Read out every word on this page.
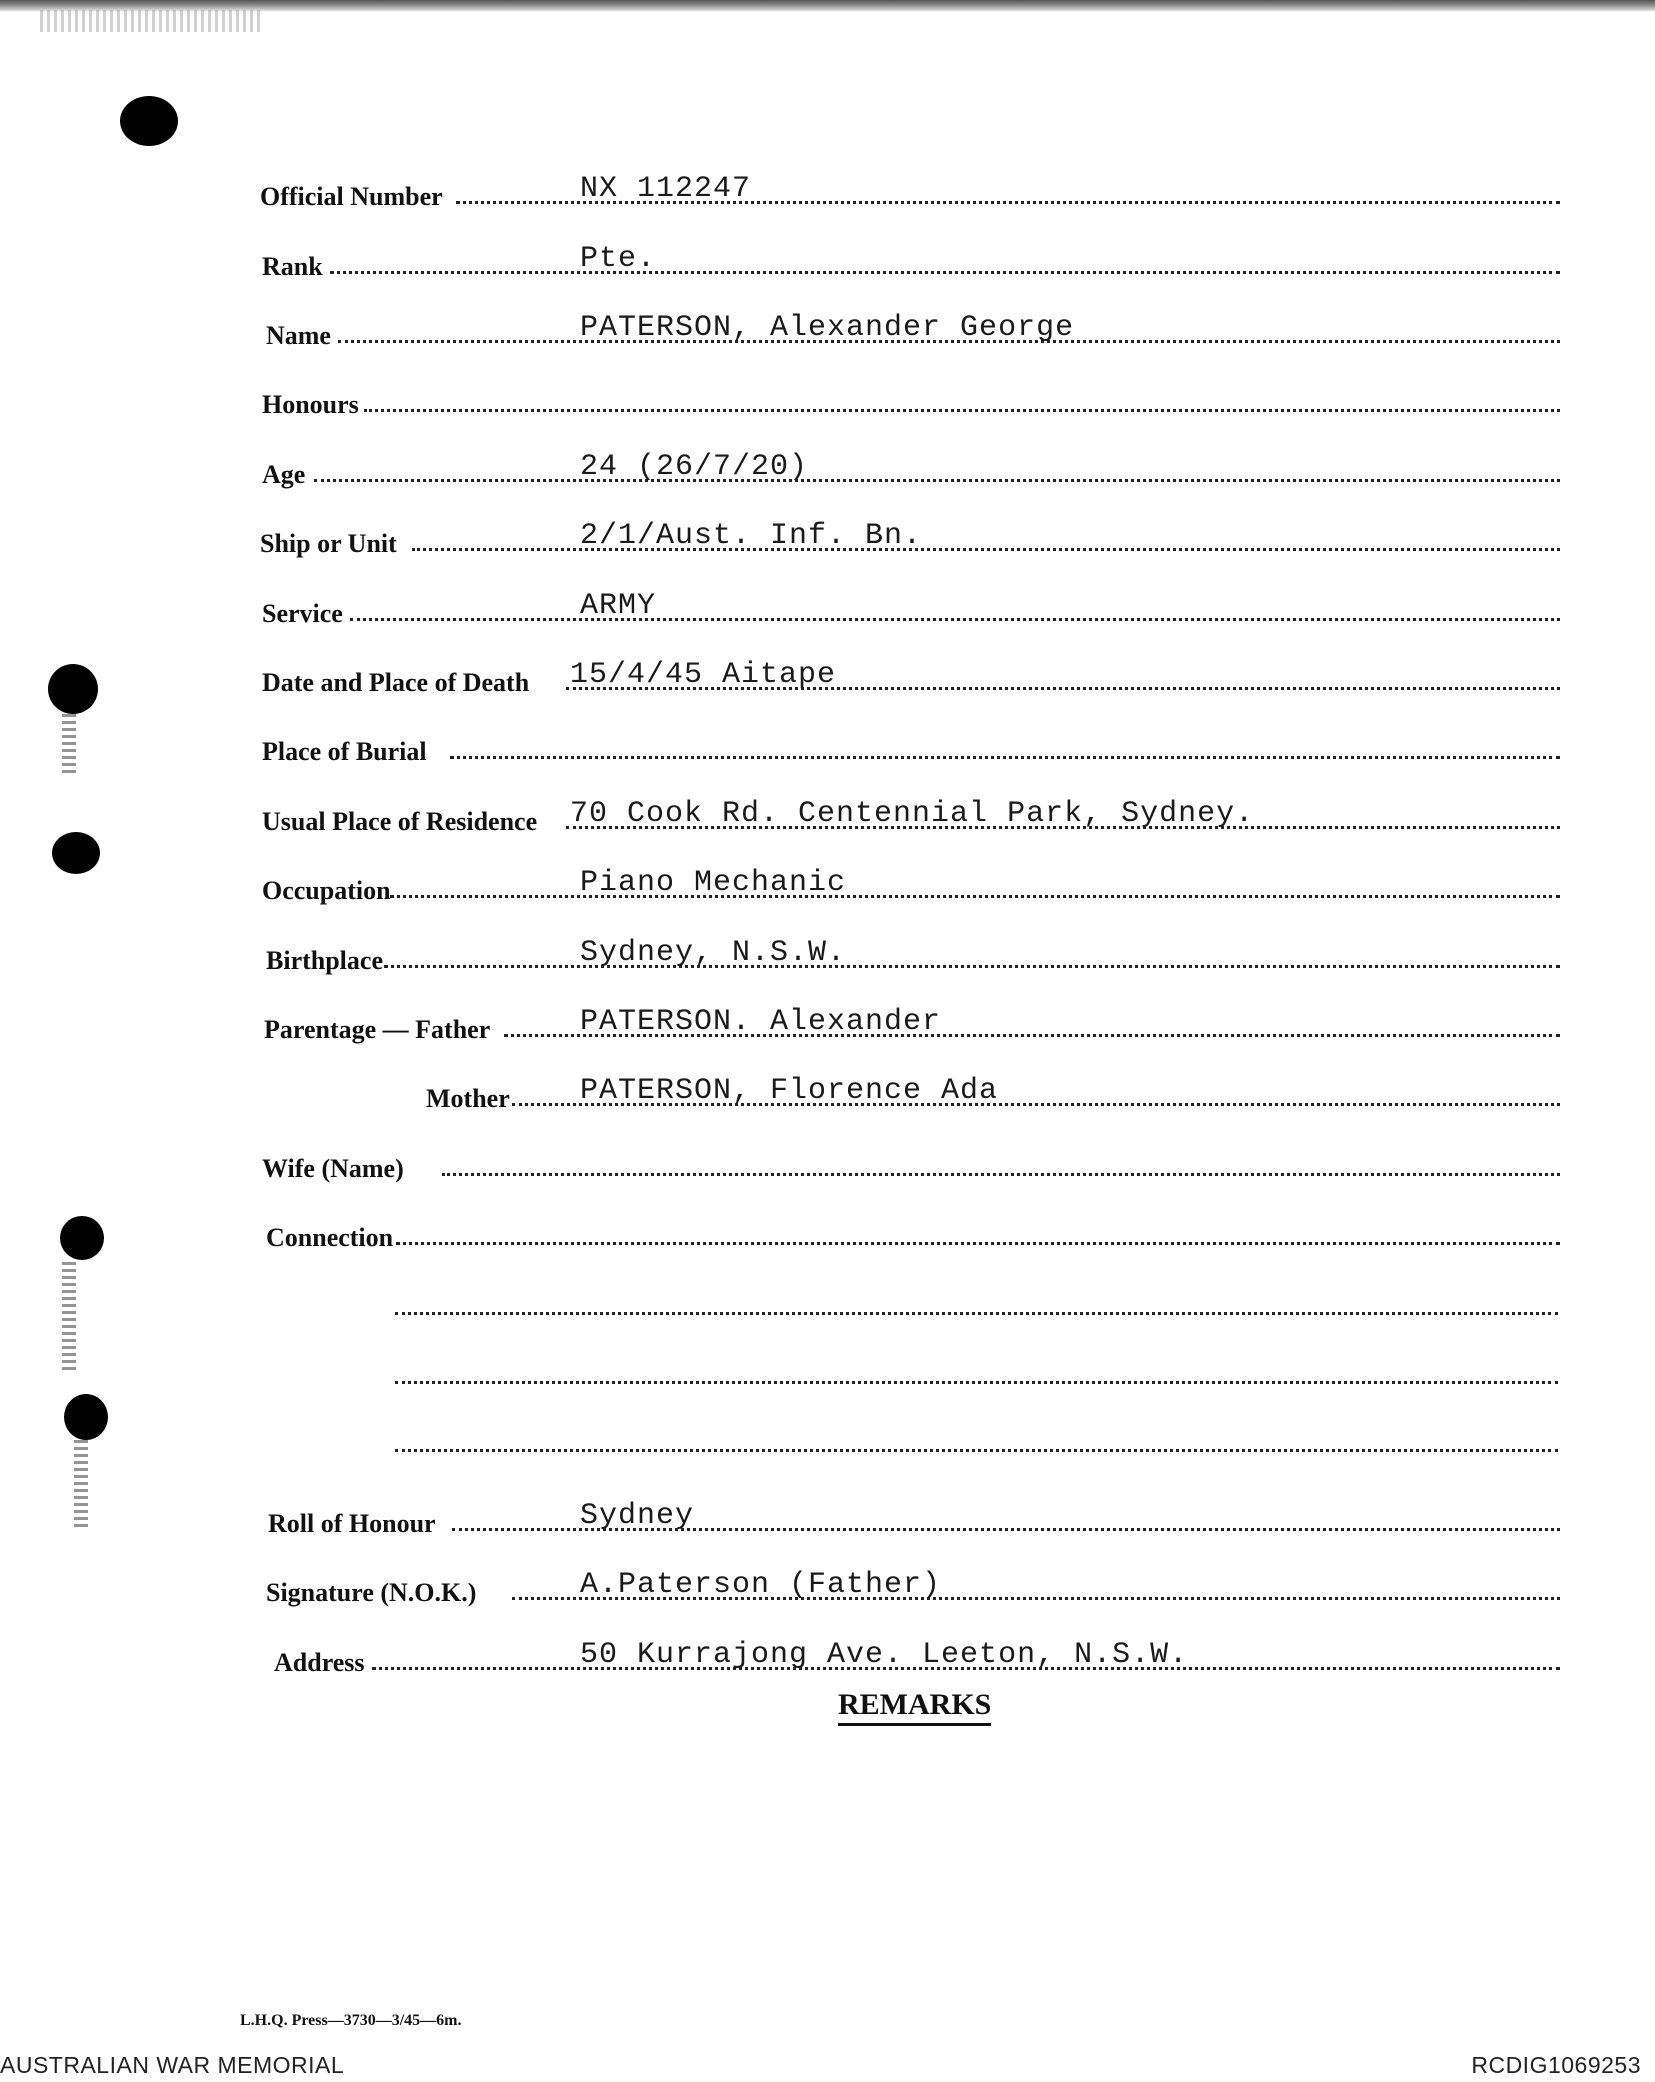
Official Number	NX 112247
Rank	Pte.
Name	PATERSON, Alexander George
Honours
Age	24 (26/7/20)
Ship or Unit	2/1/Aust. Inf. Bn.
Service	ARMY
Date and Place of Death 15/4/45 Aitape
Place of Burial
Usual Place of Residence 70 Cook Rd. Centennial Park, Sydney.
Occupation	Piano Mechanic
Birthplace	Sydney, N.S.W.
Parentage — Father	PATERSON. Alexander
Mother PATERSON, Florence Ada
Wife (Name)
Connection
Roll of Honour	Sydney
Signature (N.O.K.)	A.Paterson (Father)
Address	50 Kurrajong Ave. Leeton, N.S.W.
REMARKS
L.H.Q. Press—3730—3/45—6m.
AUSTRALIAN WAR MEMORIAL	RCDIG1069253
